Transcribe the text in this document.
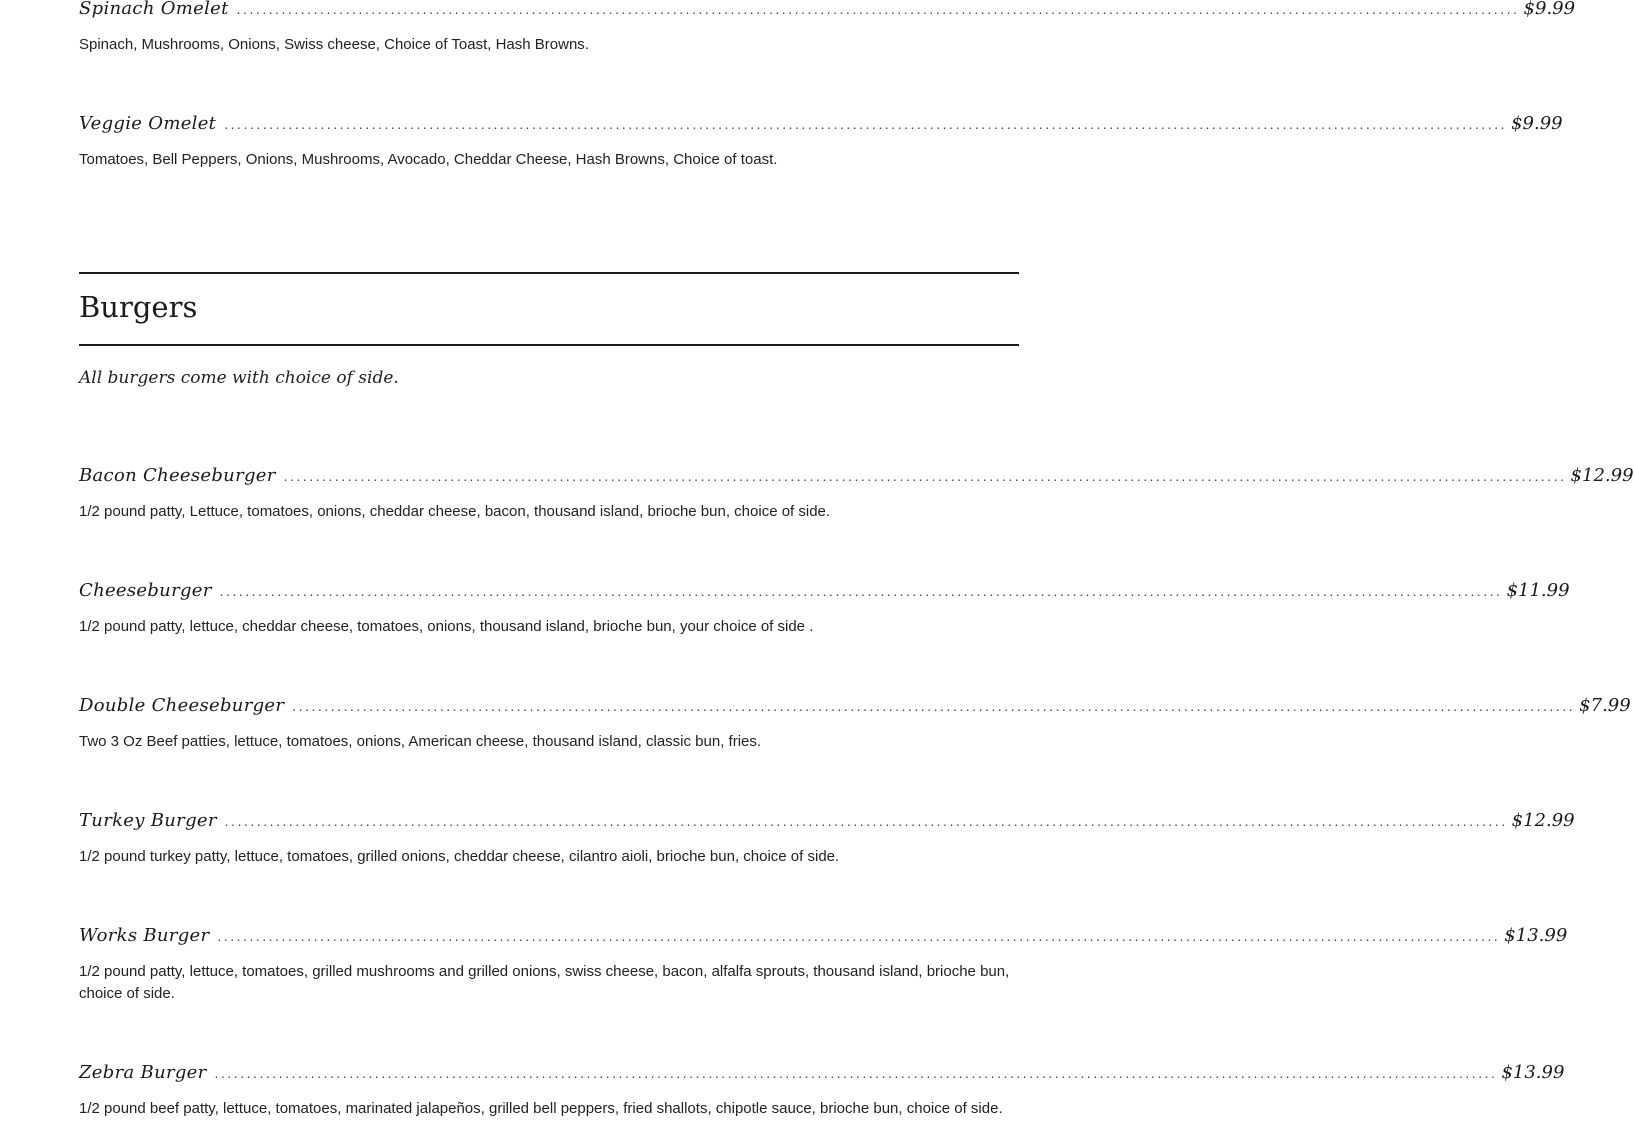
Spinach Omelet ........................................................................................................................................................................................................ $9.99
Spinach, Mushrooms, Onions, Swiss cheese, Choice of Toast, Hash Browns.
Veggie Omelet ........................................................................................................................................................................................................ $9.99
Tomatoes, Bell Peppers, Onions, Mushrooms, Avocado, Cheddar Cheese, Hash Browns, Choice of toast.
Burgers
All burgers come with choice of side.
Bacon Cheeseburger ........................................................................................................................................................................................................ $12.99
1/2 pound patty, Lettuce, tomatoes, onions, cheddar cheese, bacon, thousand island, brioche bun, choice of side.
Cheeseburger ........................................................................................................................................................................................................ $11.99
1/2 pound patty, lettuce, cheddar cheese, tomatoes, onions, thousand island, brioche bun, your choice of side .
Double Cheeseburger ........................................................................................................................................................................................................ $7.99
Two 3 Oz Beef patties, lettuce, tomatoes, onions, American cheese, thousand island, classic bun, fries.
Turkey Burger ........................................................................................................................................................................................................ $12.99
1/2 pound turkey patty, lettuce, tomatoes, grilled onions, cheddar cheese, cilantro aioli, brioche bun, choice of side.
Works Burger ........................................................................................................................................................................................................ $13.99
1/2 pound patty, lettuce, tomatoes, grilled mushrooms and grilled onions, swiss cheese, bacon, alfalfa sprouts, thousand island, brioche bun, choice of side.
Zebra Burger ........................................................................................................................................................................................................ $13.99
1/2 pound beef patty, lettuce, tomatoes, marinated jalapeños, grilled bell peppers, fried shallots, chipotle sauce, brioche bun, choice of side.
